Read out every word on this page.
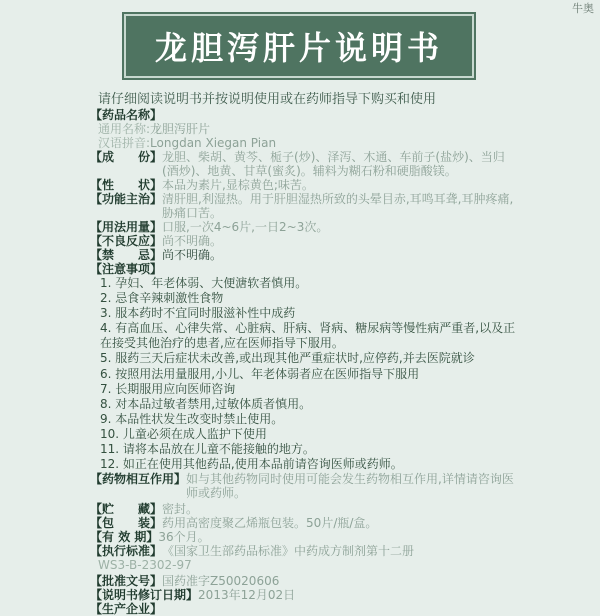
牛奥
龙胆泻肝片说明书
请仔细阅读说明书并按说明使用或在药师指导下购买和使用
【 药品名称 】
通用名称: 龙胆泻肝片
汉语拼音: Longdan Xiegan Pian
【 成　　份 】	龙胆、柴胡、黄芩、栀子(炒)、泽泻、木通、车前子(盐炒)、当归(酒炒)、地黄、甘草(蜜炙)。辅料为糊石粉和硬脂酸镁。
【 性　　状 】	本品为素片,显棕黄色;味苦。
【 功能主治 】	清肝胆,利湿热。用于肝胆湿热所致的头晕目赤,耳鸣耳聋,耳肿疼痛,胁痛口苦。
【 用法用量 】	口服,一次4~6片,一日2~3次。
【 不良反应 】	尚不明确。
【 禁　　忌 】	尚不明确。
【 注意事项 】
1. 孕妇、年老体弱、大便溏软者慎用。
2. 忌食辛辣刺激性食物
3. 服本药时不宜同时服滋补性中成药
4. 有高血压、心律失常、心脏病、肝病、肾病、糖尿病等慢性病严重者,以及正在接受其他治疗的患者,应在医师指导下服用。
5. 服药三天后症状未改善,或出现其他严重症状时,应停药,并去医院就诊
6. 按照用法用量服用,小儿、年老体弱者应在医师指导下服用
7. 长期服用应向医师咨询
8. 对本品过敏者禁用,过敏体质者慎用。
9. 本品性状发生改变时禁止使用。
10. 儿童必须在成人监护下使用
11. 请将本品放在儿童不能接触的地方。
12. 如正在使用其他药品,使用本品前请咨询医师或药师。
【 药物相互作用 】	如与其他药物同时使用可能会发生药物相互作用,详情请咨询医师或药师。
【 贮　　藏 】	密封。
【 包　　装 】	药用高密度聚乙烯瓶包装。50片/瓶/盒。
【 有 效 期 】	36个月。
【 执行标准 】	《国家卫生部药品标准》中药成方制剂第十二册
WS3-B-2302-97
【 批准文号 】	国药准字Z50020606
【 说明书修订日期 】	2013年12月02日
【 生产企业 】
